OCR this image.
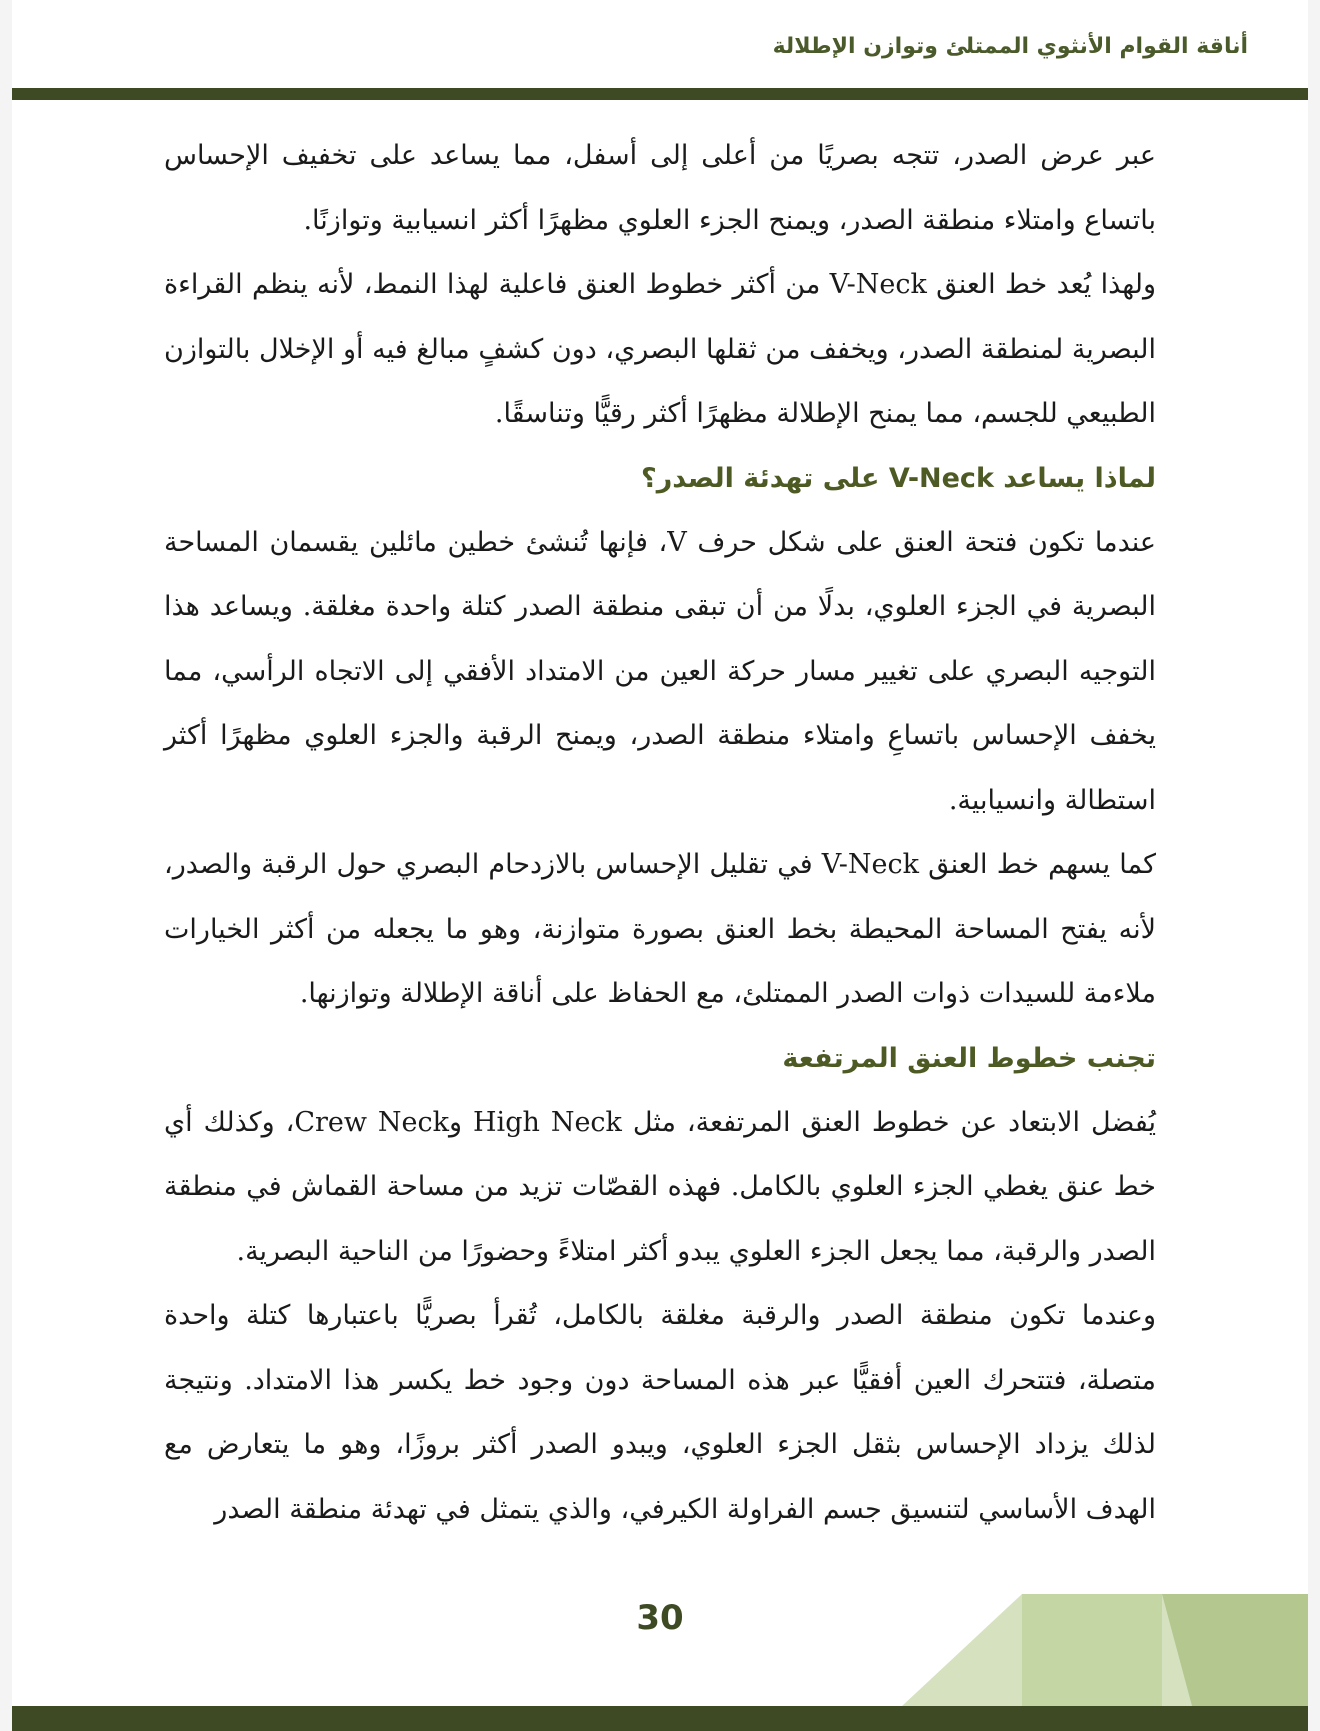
أناقة القوام الأنثوي الممتلئ وتوازن الإطلالة

عبر عرض الصدر، تتجه بصريًا من أعلى إلى أسفل، مما يساعد على تخفيف الإحساس باتساع وامتلاء منطقة الصدر، ويمنح الجزء العلوي مظهرًا أكثر انسيابية وتوازنًا.

ولهذا يُعد خط العنق V-Neck من أكثر خطوط العنق فاعلية لهذا النمط، لأنه ينظم القراءة البصرية لمنطقة الصدر، ويخفف من ثقلها البصري، دون كشفٍ مبالغ فيه أو الإخلال بالتوازن الطبيعي للجسم، مما يمنح الإطلالة مظهرًا أكثر رقيًّا وتناسقًا.

لماذا يساعد V-Neck على تهدئة الصدر؟

عندما تكون فتحة العنق على شكل حرف V، فإنها تُنشئ خطين مائلين يقسمان المساحة البصرية في الجزء العلوي، بدلًا من أن تبقى منطقة الصدر كتلة واحدة مغلقة. ويساعد هذا التوجيه البصري على تغيير مسار حركة العين من الامتداد الأفقي إلى الاتجاه الرأسي، مما يخفف الإحساس باتساعِ وامتلاء منطقة الصدر، ويمنح الرقبة والجزء العلوي مظهرًا أكثر استطالة وانسيابية.

كما يسهم خط العنق V-Neck في تقليل الإحساس بالازدحام البصري حول الرقبة والصدر، لأنه يفتح المساحة المحيطة بخط العنق بصورة متوازنة، وهو ما يجعله من أكثر الخيارات ملاءمة للسيدات ذوات الصدر الممتلئ، مع الحفاظ على أناقة الإطلالة وتوازنها.

تجنب خطوط العنق المرتفعة

يُفضل الابتعاد عن خطوط العنق المرتفعة، مثل High Neck وCrew Neck، وكذلك أي خط عنق يغطي الجزء العلوي بالكامل. فهذه القصّات تزيد من مساحة القماش في منطقة الصدر والرقبة، مما يجعل الجزء العلوي يبدو أكثر امتلاءً وحضورًا من الناحية البصرية.

وعندما تكون منطقة الصدر والرقبة مغلقة بالكامل، تُقرأ بصريًّا باعتبارها كتلة واحدة متصلة، فتتحرك العين أفقيًّا عبر هذه المساحة دون وجود خط يكسر هذا الامتداد. ونتيجة لذلك يزداد الإحساس بثقل الجزء العلوي، ويبدو الصدر أكثر بروزًا، وهو ما يتعارض مع الهدف الأساسي لتنسيق جسم الفراولة الكيرفي، والذي يتمثل في تهدئة منطقة الصدر

30
